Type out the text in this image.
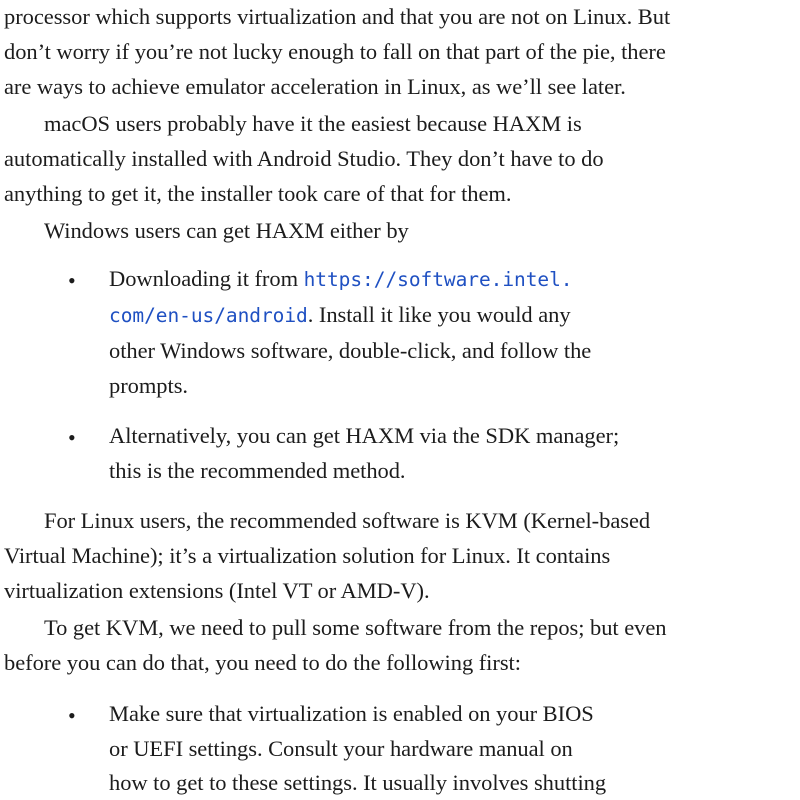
processor which supports virtualization and that you are not on Linux. But
don’t worry if you’re not lucky enough to fall on that part of the pie, there
are ways to achieve emulator acceleration in Linux, as we’ll see later.
macOS users probably have it the easiest because HAXM is
automatically installed with Android Studio. They don’t have to do
anything to get it, the installer took care of that for them.
Windows users can get HAXM either by
• Downloading it from https://software.intel.
com/en-us/android. Install it like you would any
other Windows software, double-click, and follow the
prompts.
• Alternatively, you can get HAXM via the SDK manager;
this is the recommended method.
For Linux users, the recommended software is KVM (Kernel-based
Virtual Machine); it’s a virtualization solution for Linux. It contains
virtualization extensions (Intel VT or AMD-V).
To get KVM, we need to pull some software from the repos; but even
before you can do that, you need to do the following first:
• Make sure that virtualization is enabled on your BIOS
or UEFI settings. Consult your hardware manual on
how to get to these settings. It usually involves shutting
